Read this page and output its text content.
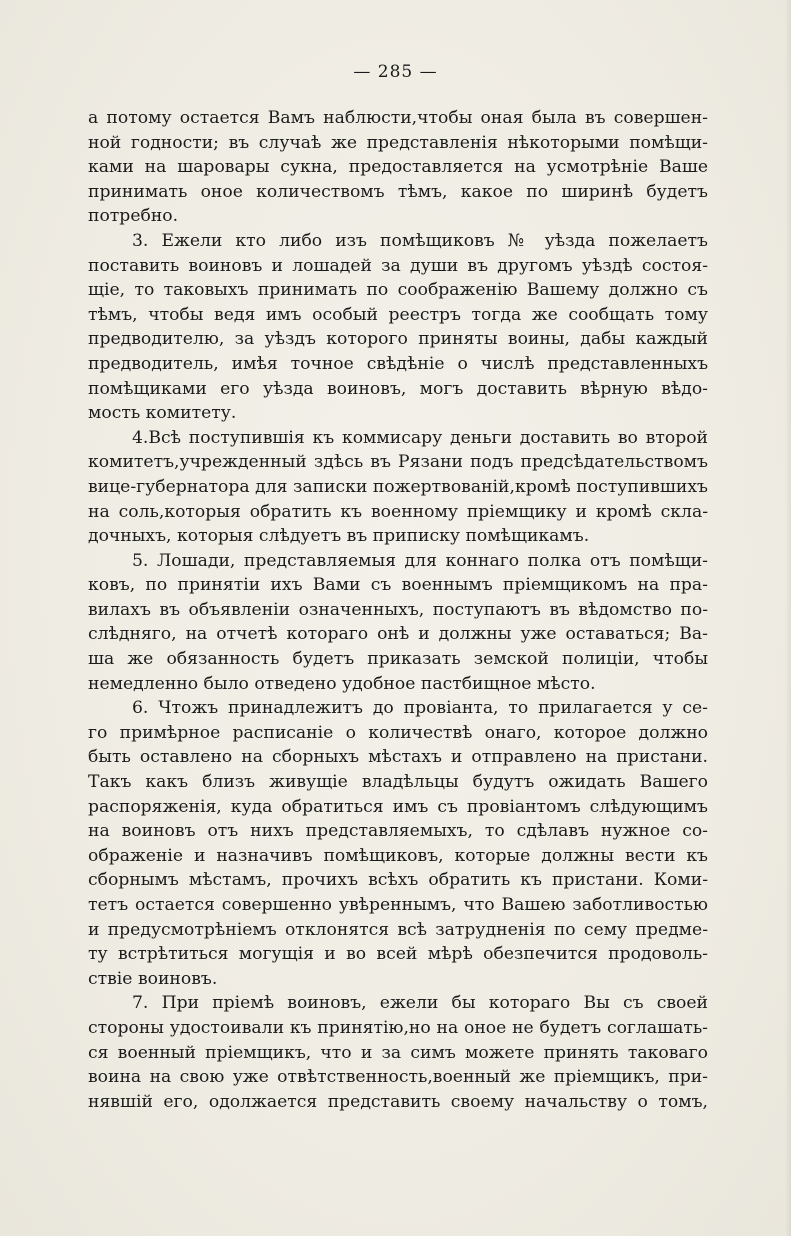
— 285 —
а потому остается Вамъ наблюсти,чтобы оная была въ совершен-
ной годности; въ случаѣ же представленія нѣкоторыми помѣщи-
ками на шаровары сукна, предоставляется на усмотрѣніе Ваше
принимать оное количествомъ тѣмъ, какое по ширинѣ будетъ
потребно.
3. Ежели кто либо изъ помѣщиковъ № уѣзда пожелаетъ
поставить воиновъ и лошадей за души въ другомъ уѣздѣ состоя-
щіе, то таковыхъ принимать по соображенію Вашему должно съ
тѣмъ, чтобы ведя имъ особый реестръ тогда же сообщать тому
предводителю, за уѣздъ которого приняты воины, дабы каждый
предводитель, имѣя точное свѣдѣніе о числѣ представленныхъ
помѣщиками его уѣзда воиновъ, могъ доставить вѣрную вѣдо-
мость комитету.
4.Всѣ поступившія къ коммисару деньги доставить во второй
комитетъ,учрежденный здѣсь въ Рязани подъ предсѣдательствомъ
вице-губернатора для записки пожертвованій,кромѣ поступившихъ
на соль,которыя обратить къ военному пріемщику и кромѣ скла-
дочныхъ, которыя слѣдуетъ въ приписку помѣщикамъ.
5. Лошади, представляемыя для коннаго полка отъ помѣщи-
ковъ, по принятіи ихъ Вами съ военнымъ пріемщикомъ на пра-
вилахъ въ объявленіи означенныхъ, поступаютъ въ вѣдомство по-
слѣдняго, на отчетѣ котораго онѣ и должны уже оставаться; Ва-
ша же обязанность будетъ приказать земской полиціи, чтобы
немедленно было отведено удобное пастбищное мѣсто.
6. Чтожъ принадлежитъ до провіанта, то прилагается у се-
го примѣрное расписаніе о количествѣ онаго, которое должно
быть оставлено на сборныхъ мѣстахъ и отправлено на пристани.
Такъ какъ близъ живущіе владѣльцы будутъ ожидать Вашего
распоряженія, куда обратиться имъ съ провіантомъ слѣдующимъ
на воиновъ отъ нихъ представляемыхъ, то сдѣлавъ нужное со-
ображеніе и назначивъ помѣщиковъ, которые должны вести къ
сборнымъ мѣстамъ, прочихъ всѣхъ обратить къ пристани. Коми-
тетъ остается совершенно увѣреннымъ, что Вашею заботливостью
и предусмотрѣніемъ отклонятся всѣ затрудненія по сему предме-
ту встрѣтиться могущія и во всей мѣрѣ обезпечится продоволь-
ствіе воиновъ.
7. При пріемѣ воиновъ, ежели бы котораго Вы съ своей
стороны удостоивали къ принятію,но на оное не будетъ соглашать-
ся военный пріемщикъ, что и за симъ можете принять таковаго
воина на свою уже отвѣтственность,военный же пріемщикъ, при-
нявшій его, одолжается представить своему начальству о томъ,
